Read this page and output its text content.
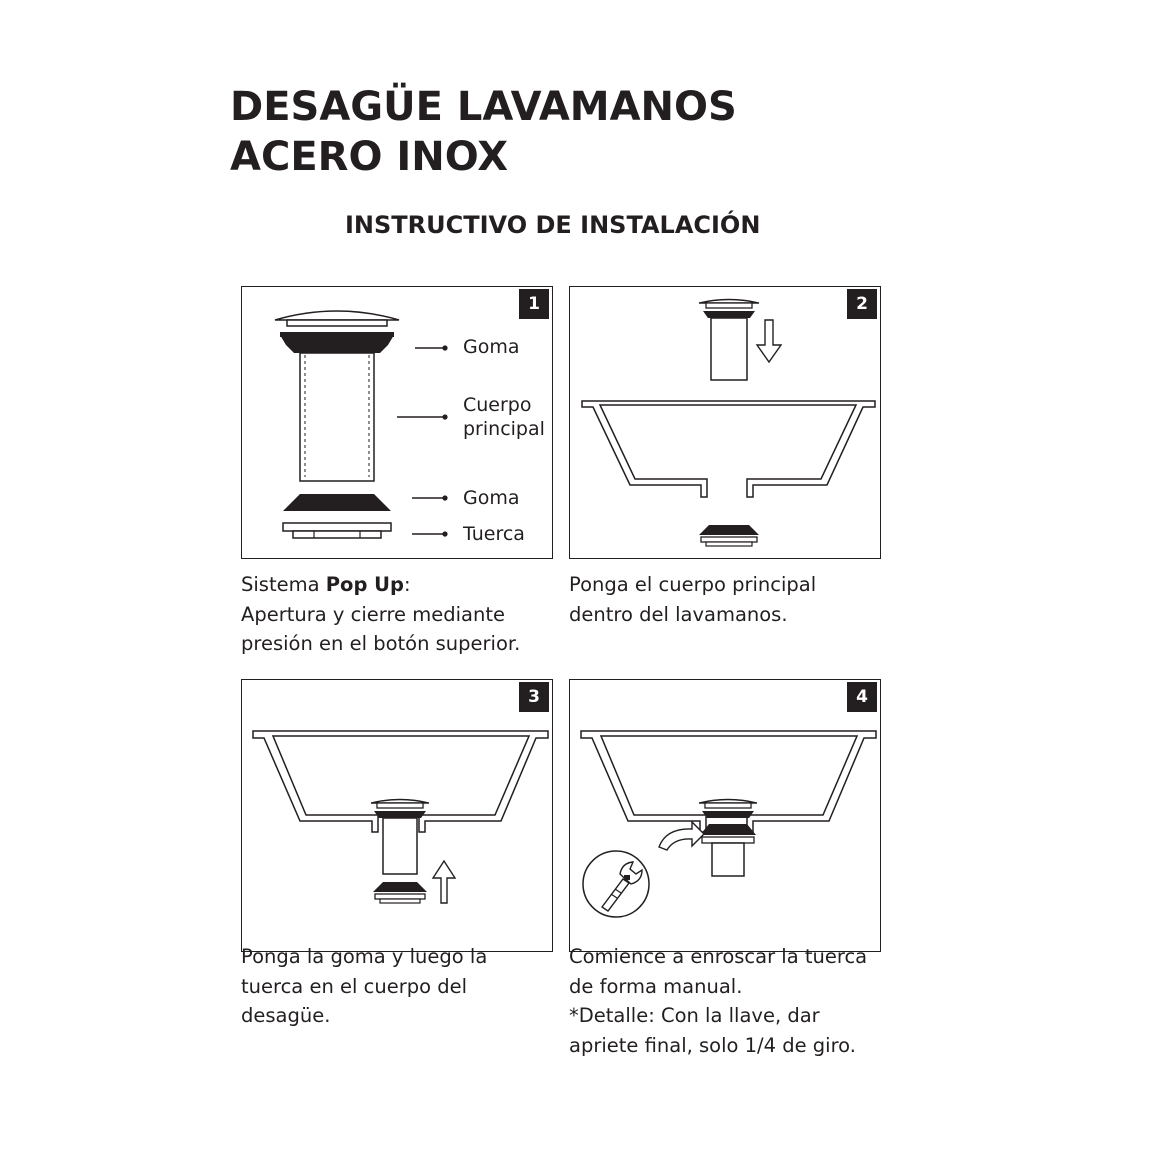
DESAGÜE LAVAMANOS
ACERO INOX
INSTRUCTIVO DE INSTALACIÓN
1
Goma
Cuerpo
principal
Goma
Tuerca
Sistema Pop Up:
Apertura y cierre mediante
presión en el botón superior.
2
Ponga el cuerpo principal
dentro del lavamanos.
3
Ponga la goma y luego la
tuerca en el cuerpo del
desagüe.
4
Comience a enroscar la tuerca
de forma manual.
*Detalle: Con la llave, dar
apriete final, solo 1/4 de giro.
